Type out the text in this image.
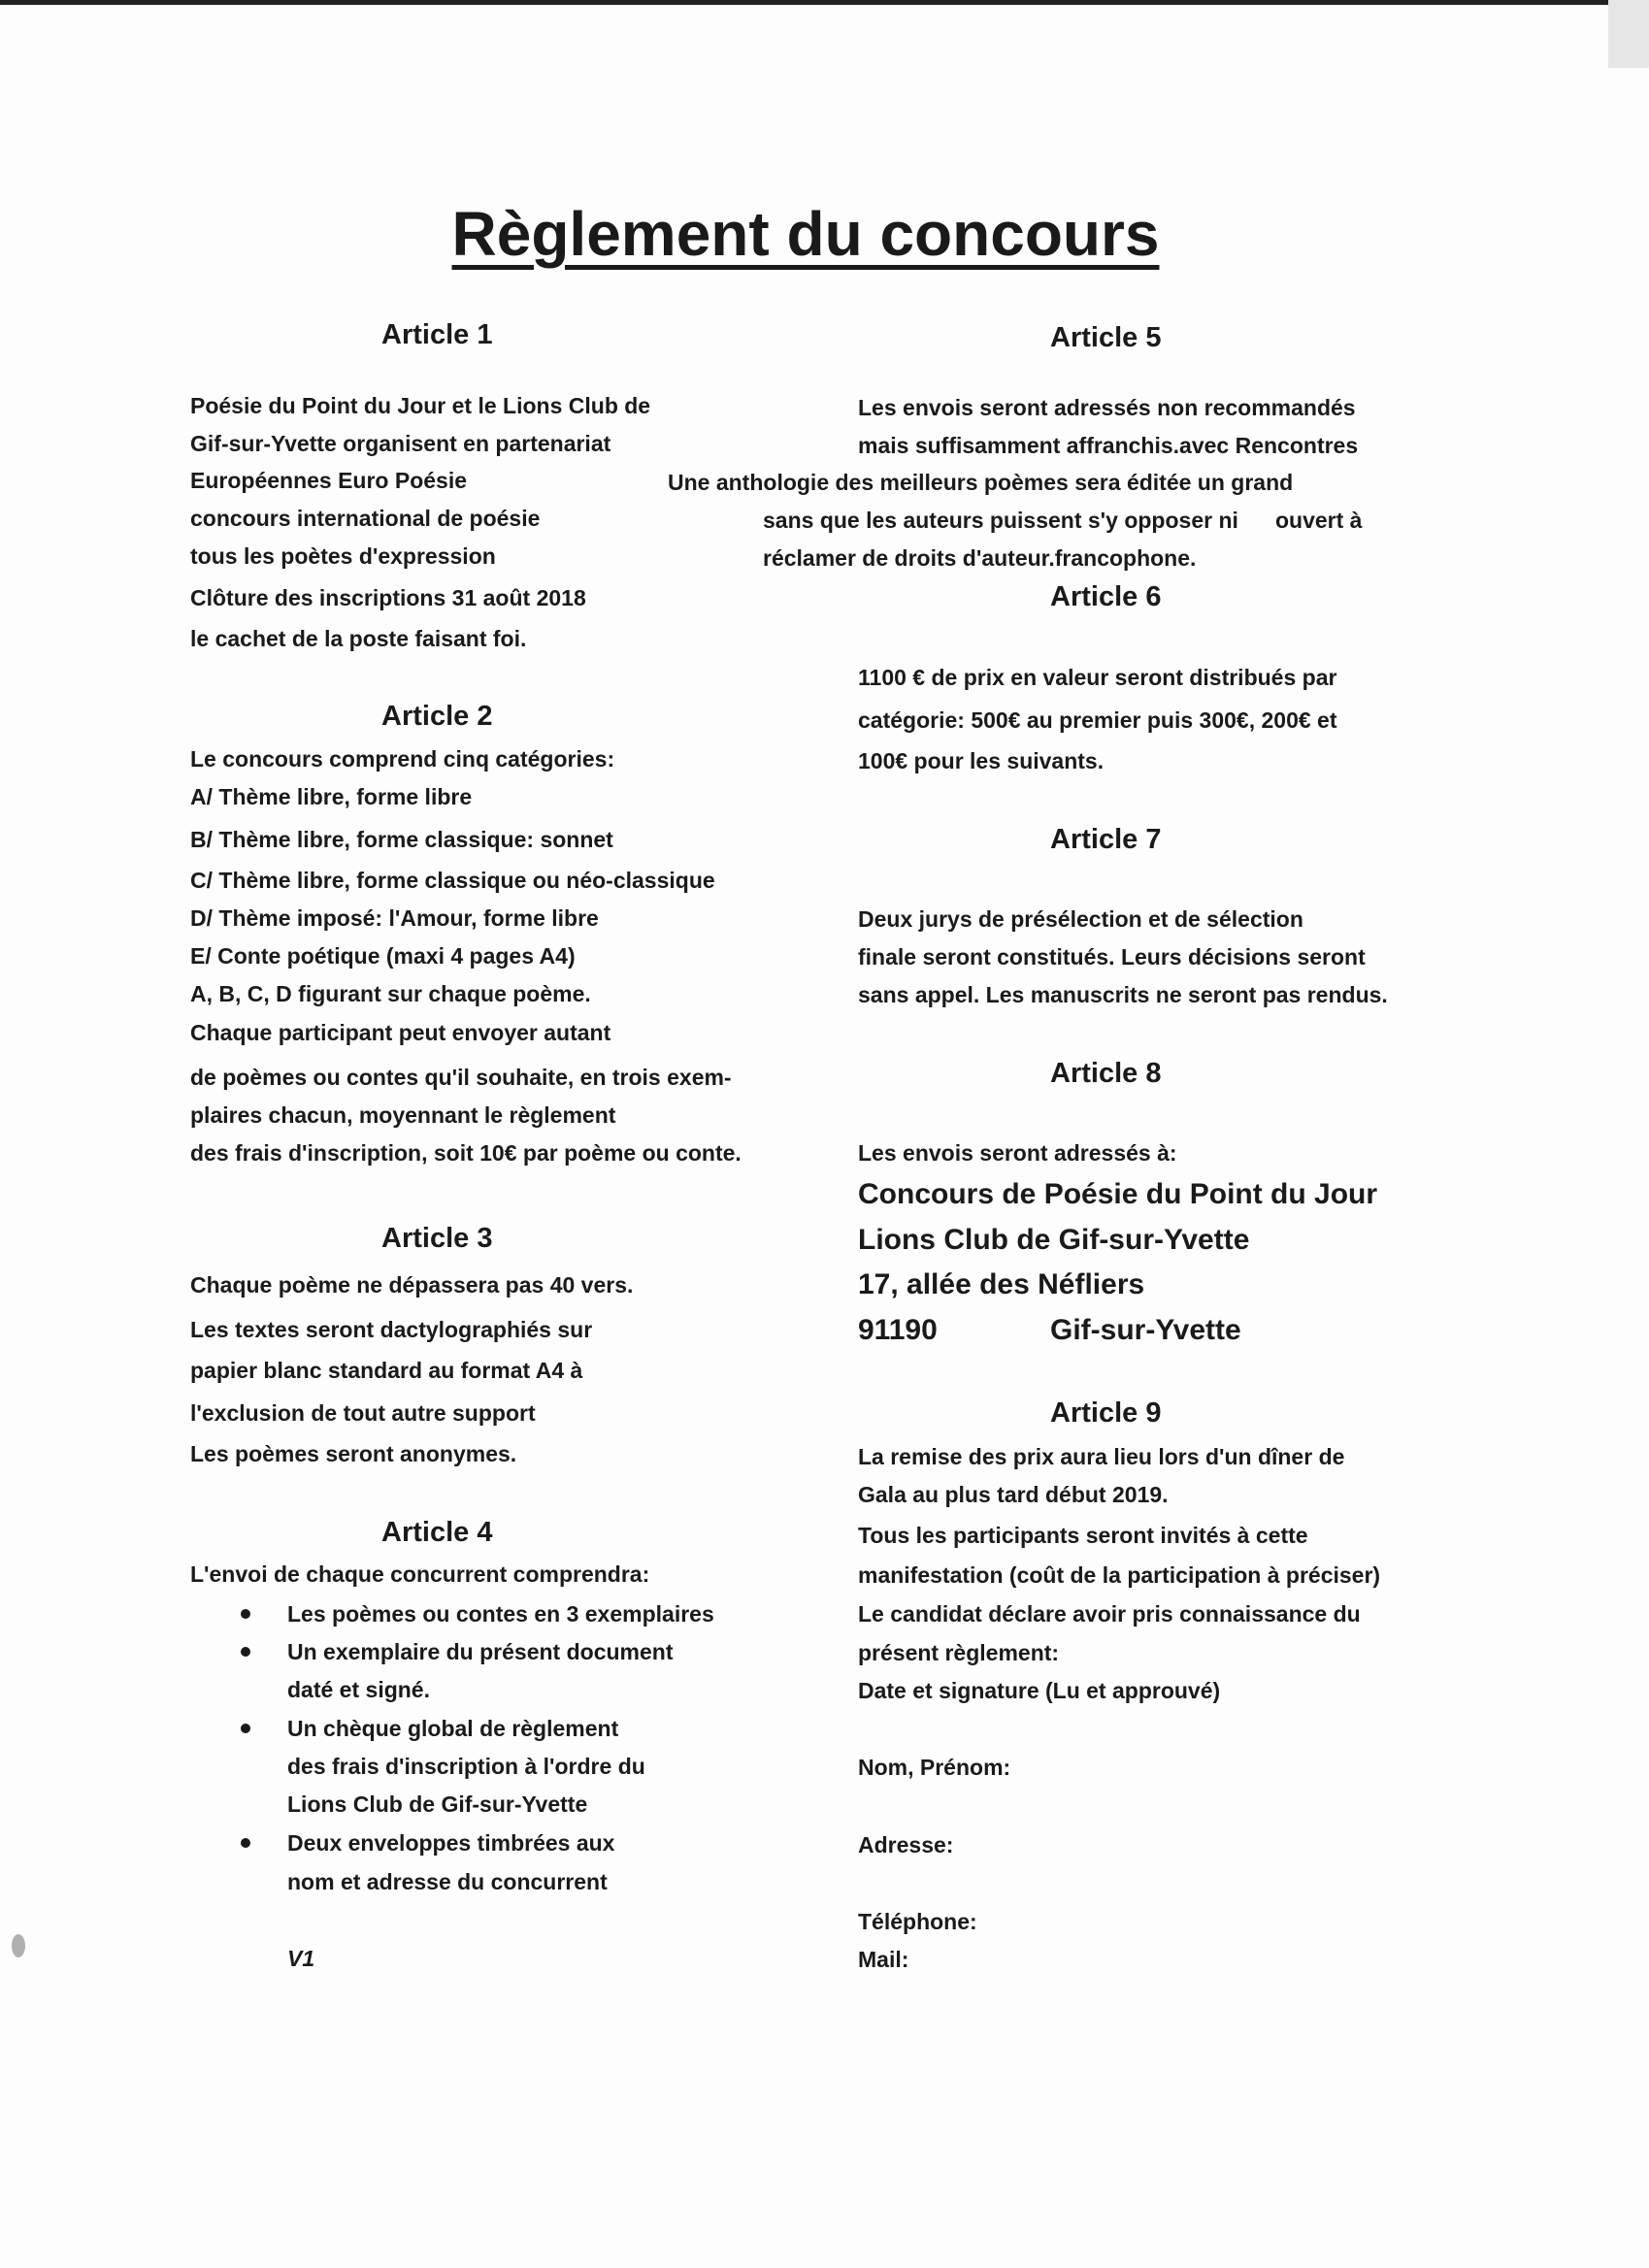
Règlement du concours
Article 1
Poésie du Point du Jour et le Lions Club de
Gif-sur-Yvette organisent en partenariat
Européennes Euro Poésie
concours international de poésie
tous les poètes d'expression
Clôture des inscriptions 31 août 2018
le cachet de la poste faisant foi.
Article 2
Le concours comprend cinq catégories:
A/ Thème libre, forme libre
B/ Thème libre, forme classique: sonnet
C/ Thème libre, forme classique ou néo-classique
D/ Thème imposé: l'Amour, forme libre
E/ Conte poétique (maxi 4 pages A4)
A, B, C, D figurant sur chaque poème.
Chaque participant peut envoyer autant
de poèmes ou contes qu'il souhaite, en trois exem-
plaires chacun, moyennant le règlement
des frais d'inscription, soit 10€ par poème ou conte.
Article 3
Chaque poème ne dépassera pas 40 vers.
Les textes seront dactylographiés sur
papier blanc standard au format A4 à
l'exclusion de tout autre support
Les poèmes seront anonymes.
Article 4
L'envoi de chaque concurrent comprendra:
Les poèmes ou contes en 3 exemplaires
Un exemplaire du présent document
daté et signé.
Un chèque global de règlement
des frais d'inscription à l'ordre du
Lions Club de Gif-sur-Yvette
Deux enveloppes timbrées aux
nom et adresse du concurrent
V1
Article 5
Les envois seront adressés non recommandés
mais suffisamment affranchis.avec Rencontres
Une anthologie des meilleurs poèmes sera éditée un grand
sans que les auteurs puissent s'y opposer ni ouvert à
réclamer de droits d'auteur.francophone.
Article 6
1100 € de prix en valeur seront distribués par
catégorie: 500€ au premier puis 300€, 200€ et
100€ pour les suivants.
Article 7
Deux jurys de présélection et de sélection
finale seront constitués. Leurs décisions seront
sans appel. Les manuscrits ne seront pas rendus.
Article 8
Les envois seront adressés à:
Concours de Poésie du Point du Jour
Lions Club de Gif-sur-Yvette
17, allée des Néfliers
91190	Gif-sur-Yvette
Article 9
La remise des prix aura lieu lors d'un dîner de
Gala au plus tard début 2019.
Tous les participants seront invités à cette
manifestation (coût de la participation à préciser)
Le candidat déclare avoir pris connaissance du
présent règlement:
Date et signature (Lu et approuvé)
Nom, Prénom:
Adresse:
Téléphone:
Mail:
